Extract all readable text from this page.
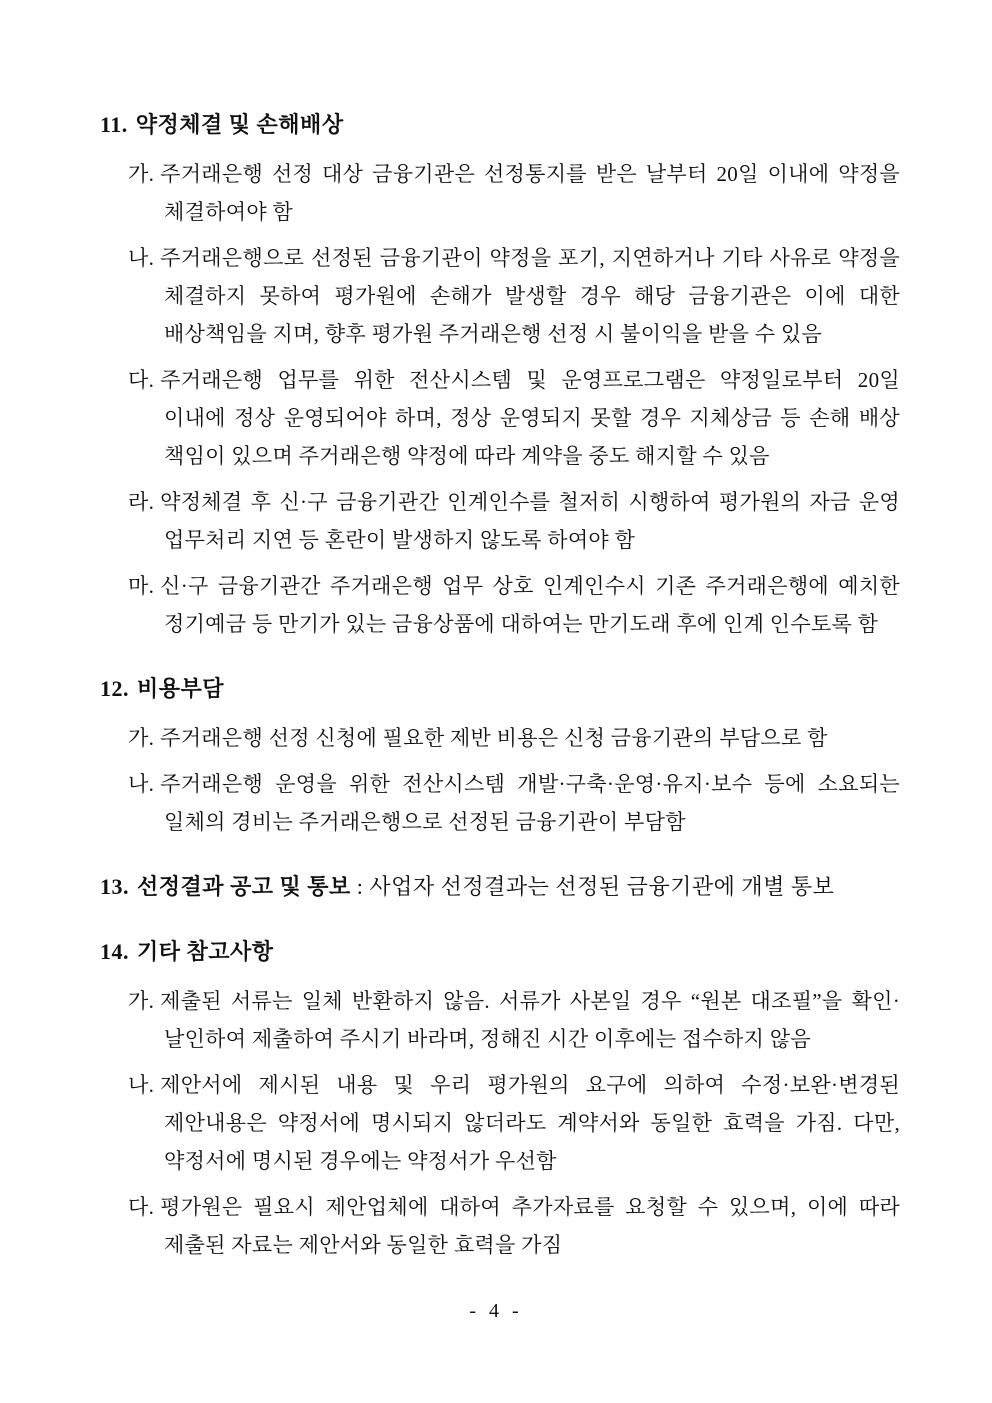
11. 약정체결 및 손해배상

가. 주거래은행 선정 대상 금융기관은 선정통지를 받은 날부터 20일 이내에 약정을 체결하여야 함

나. 주거래은행으로 선정된 금융기관이 약정을 포기, 지연하거나 기타 사유로 약정을 체결하지 못하여 평가원에 손해가 발생할 경우 해당 금융기관은 이에 대한 배상책임을 지며, 향후 평가원 주거래은행 선정 시 불이익을 받을 수 있음

다. 주거래은행 업무를 위한 전산시스템 및 운영프로그램은 약정일로부터 20일 이내에 정상 운영되어야 하며, 정상 운영되지 못할 경우 지체상금 등 손해 배상 책임이 있으며 주거래은행 약정에 따라 계약을 중도 해지할 수 있음

라. 약정체결 후 신·구 금융기관간 인계인수를 철저히 시행하여 평가원의 자금 운영 업무처리 지연 등 혼란이 발생하지 않도록 하여야 함

마. 신·구 금융기관간 주거래은행 업무 상호 인계인수시 기존 주거래은행에 예치한 정기예금 등 만기가 있는 금융상품에 대하여는 만기도래 후에 인계 인수토록 함

12. 비용부담

가. 주거래은행 선정 신청에 필요한 제반 비용은 신청 금융기관의 부담으로 함

나. 주거래은행 운영을 위한 전산시스템 개발·구축·운영·유지·보수 등에 소요되는 일체의 경비는 주거래은행으로 선정된 금융기관이 부담함

13. 선정결과 공고 및 통보 : 사업자 선정결과는 선정된 금융기관에 개별 통보
14. 기타 참고사항

가. 제출된 서류는 일체 반환하지 않음. 서류가 사본일 경우 “원본 대조필”을 확인·날인하여 제출하여 주시기 바라며, 정해진 시간 이후에는 접수하지 않음

나. 제안서에 제시된 내용 및 우리 평가원의 요구에 의하여 수정·보완·변경된 제안내용은 약정서에 명시되지 않더라도 계약서와 동일한 효력을 가짐. 다만, 약정서에 명시된 경우에는 약정서가 우선함

다. 평가원은 필요시 제안업체에 대하여 추가자료를 요청할 수 있으며, 이에 따라 제출된 자료는 제안서와 동일한 효력을 가짐

- 4 -
